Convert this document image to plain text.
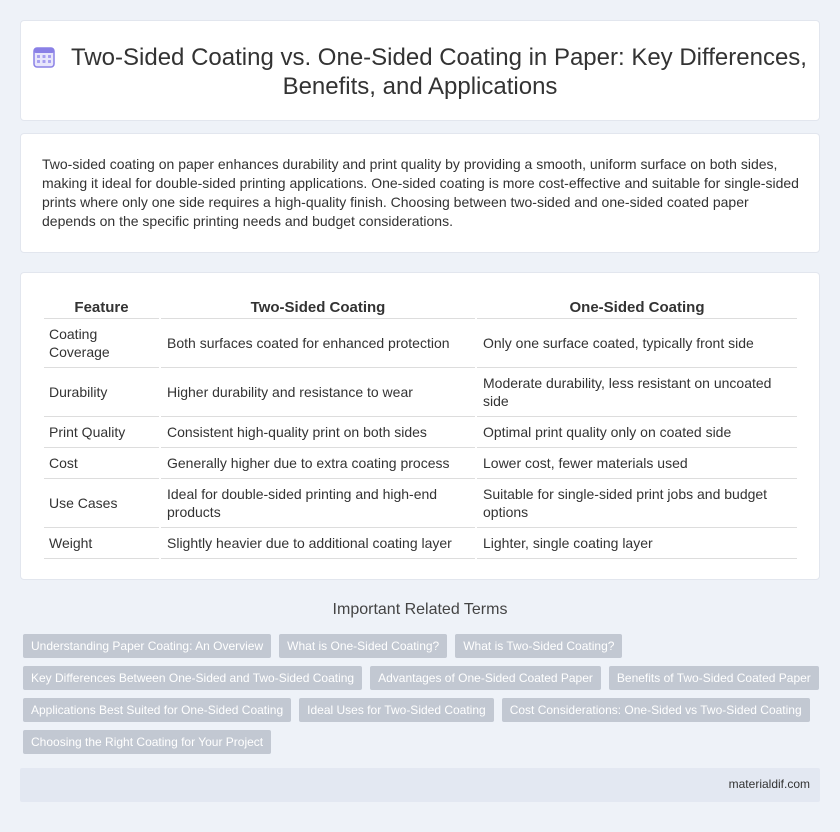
Two-Sided Coating vs. One-Sided Coating in Paper: Key Differences, Benefits, and Applications

Two-sided coating on paper enhances durability and print quality by providing a smooth, uniform surface on both sides, making it ideal for double-sided printing applications. One-sided coating is more cost-effective and suitable for single-sided prints where only one side requires a high-quality finish. Choosing between two-sided and one-sided coated paper depends on the specific printing needs and budget considerations.

Feature	Two-Sided Coating	One-Sided Coating
Coating Coverage	Both surfaces coated for enhanced protection	Only one surface coated, typically front side
Durability	Higher durability and resistance to wear	Moderate durability, less resistant on uncoated side
Print Quality	Consistent high-quality print on both sides	Optimal print quality only on coated side
Cost	Generally higher due to extra coating process	Lower cost, fewer materials used
Use Cases	Ideal for double-sided printing and high-end products	Suitable for single-sided print jobs and budget options
Weight	Slightly heavier due to additional coating layer	Lighter, single coating layer
Important Related Terms
Understanding Paper Coating: An Overview	What is One-Sided Coating?	What is Two-Sided Coating?
Key Differences Between One-Sided and Two-Sided Coating	Advantages of One-Sided Coated Paper	Benefits of Two-Sided Coated Paper
Applications Best Suited for One-Sided Coating	Ideal Uses for Two-Sided Coating	Cost Considerations: One-Sided vs Two-Sided Coating
Choosing the Right Coating for Your Project
materialdif.com
